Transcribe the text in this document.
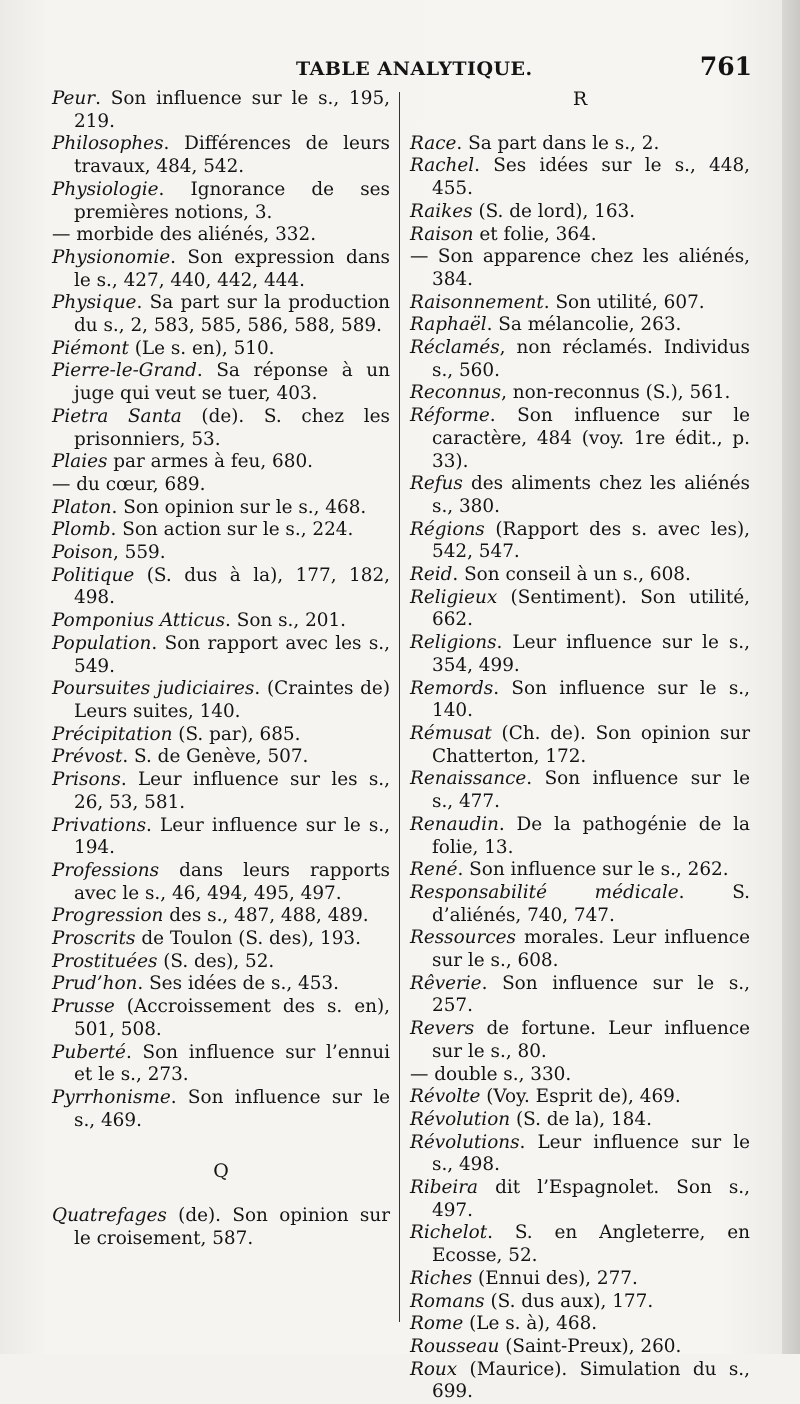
TABLE ANALYTIQUE.	761
Peur. Son influence sur le s., 195, 219.
Philosophes. Différences de leurs travaux, 484, 542.
Physiologie. Ignorance de ses premières notions, 3.
— morbide des aliénés, 332.
Physionomie. Son expression dans le s., 427, 440, 442, 444.
Physique. Sa part sur la production du s., 2, 583, 585, 586, 588, 589.
Piémont (Le s. en), 510.
Pierre-le-Grand. Sa réponse à un juge qui veut se tuer, 403.
Pietra Santa (de). S. chez les prisonniers, 53.
Plaies par armes à feu, 680.
— du cœur, 689.
Platon. Son opinion sur le s., 468.
Plomb. Son action sur le s., 224.
Poison, 559.
Politique (S. dus à la), 177, 182, 498.
Pomponius Atticus. Son s., 201.
Population. Son rapport avec les s., 549.
Poursuites judiciaires. (Craintes de) Leurs suites, 140.
Précipitation (S. par), 685.
Prévost. S. de Genève, 507.
Prisons. Leur influence sur les s., 26, 53, 581.
Privations. Leur influence sur le s., 194.
Professions dans leurs rapports avec le s., 46, 494, 495, 497.
Progression des s., 487, 488, 489.
Proscrits de Toulon (S. des), 193.
Prostituées (S. des), 52.
Prud’hon. Ses idées de s., 453.
Prusse (Accroissement des s. en), 501, 508.
Puberté. Son influence sur l’ennui et le s., 273.
Pyrrhonisme. Son influence sur le s., 469.
Q
Quatrefages (de). Son opinion sur le croisement, 587.
R
Race. Sa part dans le s., 2.
Rachel. Ses idées sur le s., 448, 455.
Raikes (S. de lord), 163.
Raison et folie, 364.
— Son apparence chez les aliénés, 384.
Raisonnement. Son utilité, 607.
Raphaël. Sa mélancolie, 263.
Réclamés, non réclamés. Individus s., 560.
Reconnus, non-reconnus (S.), 561.
Réforme. Son influence sur le caractère, 484 (voy. 1re édit., p. 33).
Refus des aliments chez les aliénés s., 380.
Régions (Rapport des s. avec les), 542, 547.
Reid. Son conseil à un s., 608.
Religieux (Sentiment). Son utilité, 662.
Religions. Leur influence sur le s., 354, 499.
Remords. Son influence sur le s., 140.
Rémusat (Ch. de). Son opinion sur Chatterton, 172.
Renaissance. Son influence sur le s., 477.
Renaudin. De la pathogénie de la folie, 13.
René. Son influence sur le s., 262.
Responsabilité médicale. S. d’aliénés, 740, 747.
Ressources morales. Leur influence sur le s., 608.
Rêverie. Son influence sur le s., 257.
Revers de fortune. Leur influence sur le s., 80.
— double s., 330.
Révolte (Voy. Esprit de), 469.
Révolution (S. de la), 184.
Révolutions. Leur influence sur le s., 498.
Ribeira dit l’Espagnolet. Son s., 497.
Richelot. S. en Angleterre, en Ecosse, 52.
Riches (Ennui des), 277.
Romans (S. dus aux), 177.
Rome (Le s. à), 468.
Rousseau (Saint-Preux), 260.
Roux (Maurice). Simulation du s., 699.
